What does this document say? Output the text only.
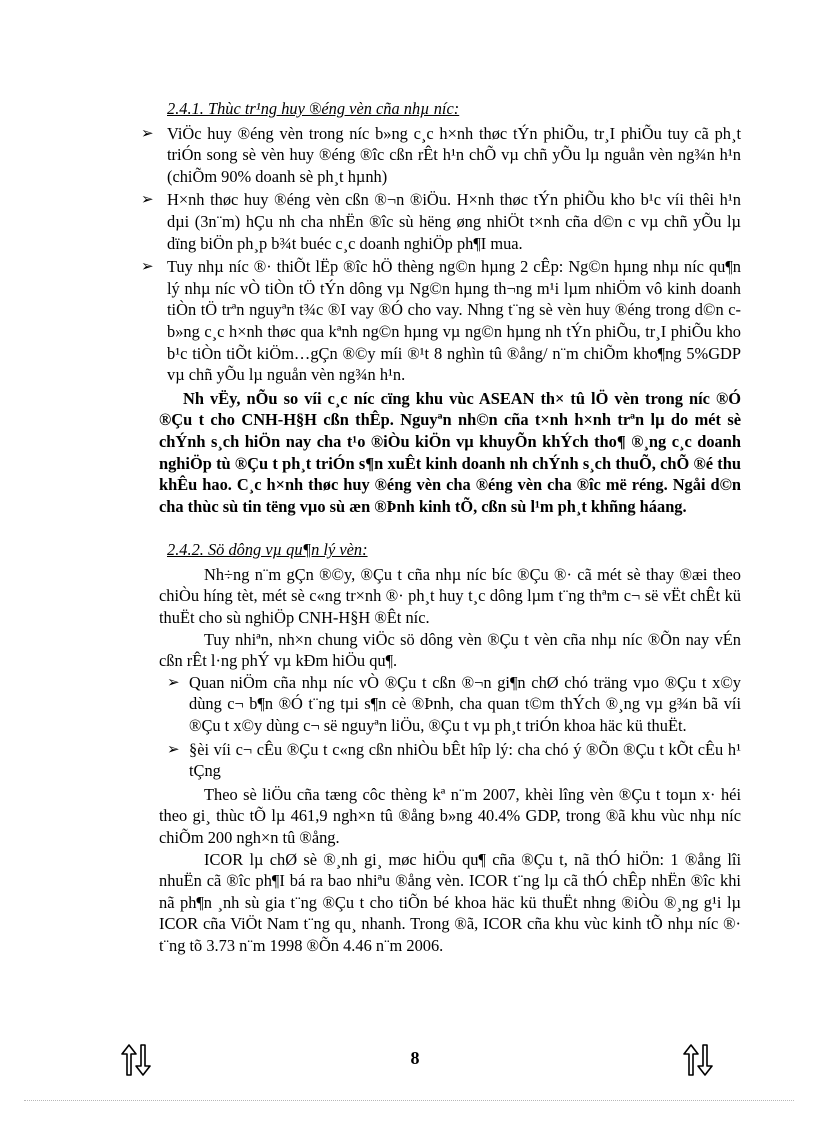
2.4.1. Thùc tr¹ng huy ®éng vèn cña nhµ níc:
➢ ViÖc huy ®éng vèn trong níc b»ng c¸c h×nh thøc tÝn phiÕu, tr¸I phiÕu tuy cã ph¸t triÓn song sè vèn huy ®éng ®îc cßn rÊt h¹n chÕ vµ chñ yÕu lµ nguån vèn ng¾n h¹n (chiÕm 90% doanh sè ph¸t hµnh)
➢ H×nh thøc huy ®éng vèn cßn ®¬n ®iÖu. H×nh thøc tÝn phiÕu kho b¹c víi thêi h¹n dµi (3n¨m) hÇu nh cha nhËn ®îc sù hëng øng nhiÖt t×nh cña d©n c vµ chñ yÕu lµ dïng biÖn ph¸p b¾t buéc c¸c doanh nghiÖp ph¶I mua.
➢ Tuy nhµ níc ®· thiÕt lËp ®îc hÖ thèng ng©n hµng 2 cÊp: Ng©n hµng nhµ níc qu¶n lý nhµ níc vÒ tiÒn tÖ tÝn dông vµ Ng©n hµng th¬ng m¹i lµm nhiÖm vô kinh doanh tiÒn tÖ trªn nguyªn t¾c ®I vay ®Ó cho vay. Nhng t¨ng sè vèn huy ®éng trong d©n c b»ng c¸c h×nh thøc qua kªnh ng©n hµng vµ ng©n hµng nh tÝn phiÕu, tr¸I phiÕu kho b¹c tiÒn tiÕt kiÖm…gÇn ®©y míi ®¹t 8 nghìn tû ®ång/ n¨m chiÕm kho¶ng 5%GDP vµ chñ yÕu lµ nguån vèn ng¾n h¹n.

Nh vËy, nÕu so víi c¸c níc cïng khu vùc ASEAN th× tû lÖ vèn trong níc ®Ó ®Çu t cho CNH-H§H cßn thÊp. Nguyªn nh©n cña t×nh h×nh trªn lµ do mét sè chÝnh s¸ch hiÖn nay cha t¹o ®iÒu kiÖn vµ khuyÕn khÝch tho¶ ®¸ng c¸c doanh nghiÖp tù ®Çu t ph¸t triÓn s¶n xuÊt kinh doanh nh chÝnh s¸ch thuÕ, chÕ ®é thu khÊu hao. C¸c h×nh thøc huy ®éng vèn cha ®éng vèn cha ®îc më réng. Ngåi d©n cha thùc sù tin tëng vµo sù æn ®Þnh kinh tÕ, cßn sù l¹m ph¸t khñng háang.

2.4.2. Sö dông vµ qu¶n lý vèn:

Nh÷ng n¨m gÇn ®©y, ®Çu t cña nhµ níc bíc ®Çu ®· cã mét sè thay ®æi theo chiÒu híng tèt, mét sè c«ng tr×nh ®· ph¸t huy t¸c dông lµm t¨ng thªm c¬ së vËt chÊt kü thuËt cho sù nghiÖp CNH-H§H ®Êt níc.

Tuy nhiªn, nh×n chung viÖc sö dông vèn ®Çu t vèn cña nhµ níc ®Õn nay vÉn cßn rÊt l·ng phÝ vµ kÐm hiÖu qu¶.

➢ Quan niÖm cña nhµ níc vÒ ®Çu t cßn ®¬n gi¶n chØ chó träng vµo ®Çu t x©y dùng c¬ b¶n ®Ó t¨ng tµi s¶n cè ®Þnh, cha quan t©m thÝch ®¸ng vµ g¾n bã víi ®Çu t x©y dùng c¬ së nguyªn liÖu, ®Çu t vµ ph¸t triÓn khoa häc kü thuËt.
➢ §èi víi c¬ cÊu ®Çu t c«ng cßn nhiÒu bÊt hîp lý: cha chó ý ®Õn ®Çu t kÕt cÊu h¹ tÇng

Theo sè liÖu cña tæng côc thèng kª n¨m 2007, khèi lîng vèn ®Çu t toµn x· héi theo gi¸ thùc tÕ lµ 461,9 ngh×n tû ®ång b»ng 40.4% GDP, trong ®ã khu vùc nhµ níc chiÕm 200 ngh×n tû ®ång.

ICOR lµ chØ sè ®¸nh gi¸ møc hiÖu qu¶ cña ®Çu t, nã thÓ hiÖn: 1 ®ång lîi nhuËn cã ®îc ph¶I bá ra bao nhiªu ®ång vèn. ICOR t¨ng lµ cã thÓ chÊp nhËn ®îc khi nã ph¶n ¸nh sù gia t¨ng ®Çu t cho tiÕn bé khoa häc kü thuËt nhng ®iÒu ®¸ng g¹i lµ ICOR cña ViÖt Nam t¨ng qu¸ nhanh. Trong ®ã, ICOR cña khu vùc kinh tÕ nhµ níc ®· t¨ng tõ 3.73 n¨m 1998 ®Õn 4.46 n¨m 2006.

8
